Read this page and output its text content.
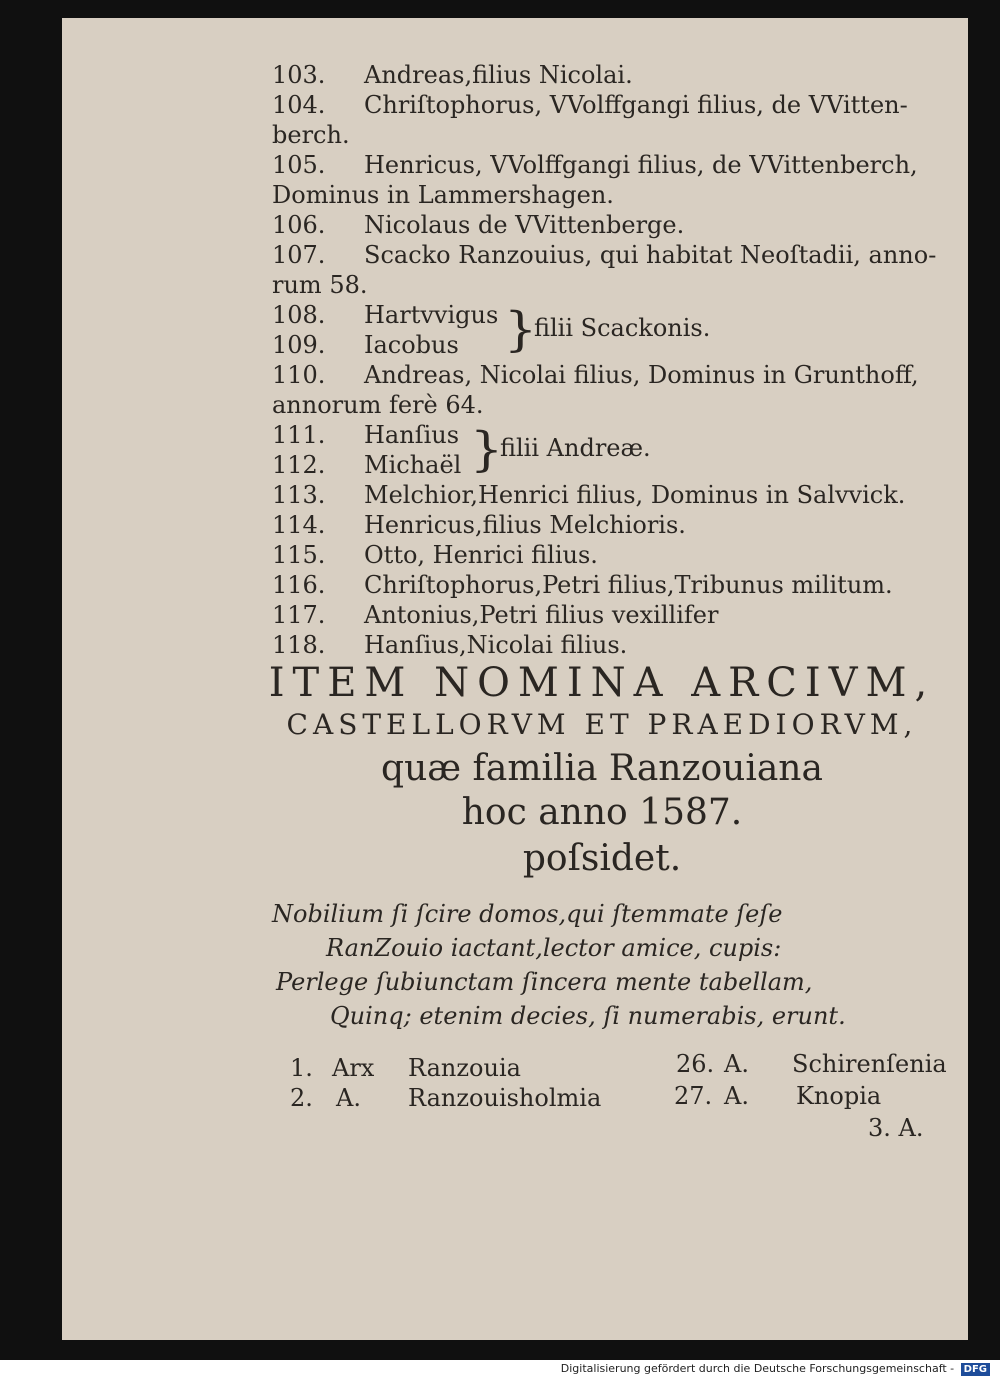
103.	Andreas,filius Nicolai.
104.	Chriſtophorus, VVolffgangi filius, de VVitten-
berch.
105.	Henricus, VVolffgangi filius, de VVittenberch,
Dominus in Lammershagen.
106.	Nicolaus de VVittenberge.
107.	Scacko Ranzouius, qui habitat Neoſtadii, anno-
rum 58.
108. Hartvvigus
109. Iacobus }
filii Scackonis.
110.	Andreas, Nicolai filius, Dominus in Grunthoff,
annorum ferè 64.
111. Hanſius
112. Michaël }
filii Andreæ.
113.	Melchior,Henrici filius, Dominus in Salvvick.
114.	Henricus,filius Melchioris.
115.	Otto, Henrici filius.
116.	Chriſtophorus,Petri filius,Tribunus militum.
117.	Antonius,Petri filius vexillifer
118.	Hanſius,Nicolai filius.
ITEM NOMINA ARCIVM,
CASTELLORVM ET PRAEDIORVM,
quæ familia Ranzouiana
hoc anno 1587.
poſsidet.
Nobilium ſi ſcire domos,qui ſtemmate ſeſe
RanZouio iactant,lector amice, cupis:
Perlege ſubiunctam ſincera mente tabellam,
Quinq; etenim decies, ſi numerabis, erunt.
1. Arx Ranzouia
2. A. Ranzouisholmia
26. A. Schirenſenia
27. A. Knopia
3. A.
Digitalisierung gefördert durch die Deutsche Forschungsgemeinschaft - DFG
